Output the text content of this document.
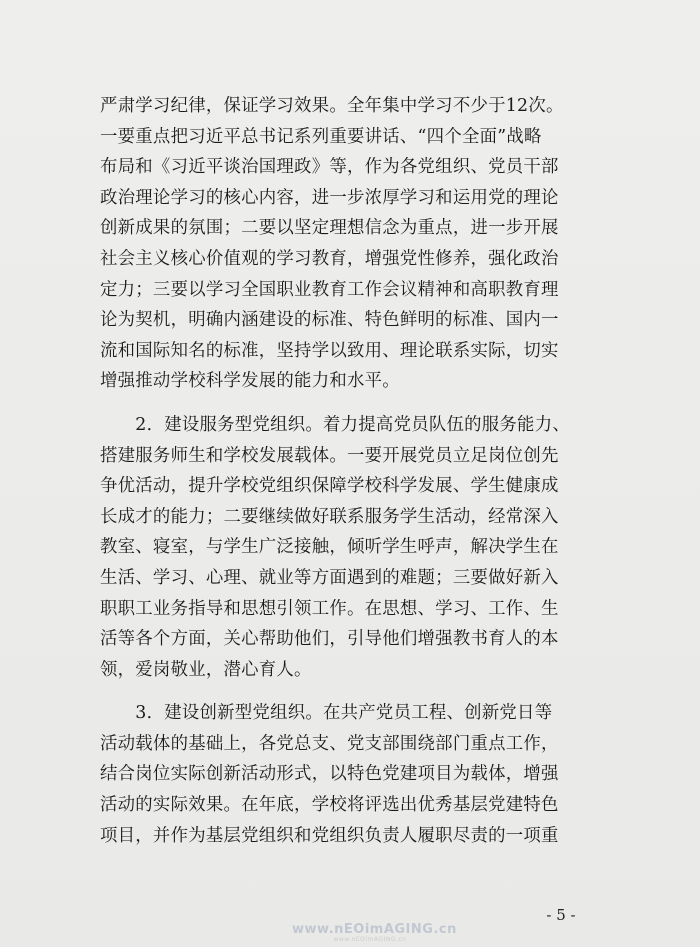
严肃学习纪律，保证学习效果。全年集中学习不少于12次。
一要重点把习近平总书记系列重要讲话、“四个全面”战略
布局和《习近平谈治国理政》等，作为各党组织、党员干部
政治理论学习的核心内容，进一步浓厚学习和运用党的理论
创新成果的氛围；二要以坚定理想信念为重点，进一步开展
社会主义核心价值观的学习教育，增强党性修养，强化政治
定力；三要以学习全国职业教育工作会议精神和高职教育理
论为契机，明确内涵建设的标准、特色鲜明的标准、国内一
流和国际知名的标准，坚持学以致用、理论联系实际，切实
增强推动学校科学发展的能力和水平。
　　2．建设服务型党组织。着力提高党员队伍的服务能力、
搭建服务师生和学校发展载体。一要开展党员立足岗位创先
争优活动，提升学校党组织保障学校科学发展、学生健康成
长成才的能力；二要继续做好联系服务学生活动，经常深入
教室、寝室，与学生广泛接触，倾听学生呼声，解决学生在
生活、学习、心理、就业等方面遇到的难题；三要做好新入
职职工业务指导和思想引领工作。在思想、学习、工作、生
活等各个方面，关心帮助他们，引导他们增强教书育人的本
领，爱岗敬业，潜心育人。
　　3．建设创新型党组织。在共产党员工程、创新党日等
活动载体的基础上，各党总支、党支部围绕部门重点工作，
结合岗位实际创新活动形式，以特色党建项目为载体，增强
活动的实际效果。在年底，学校将评选出优秀基层党建特色
项目，并作为基层党组织和党组织负责人履职尽责的一项重
- 5 -
www.nEOimAGING.cn
www.nEOimAGING.cn
